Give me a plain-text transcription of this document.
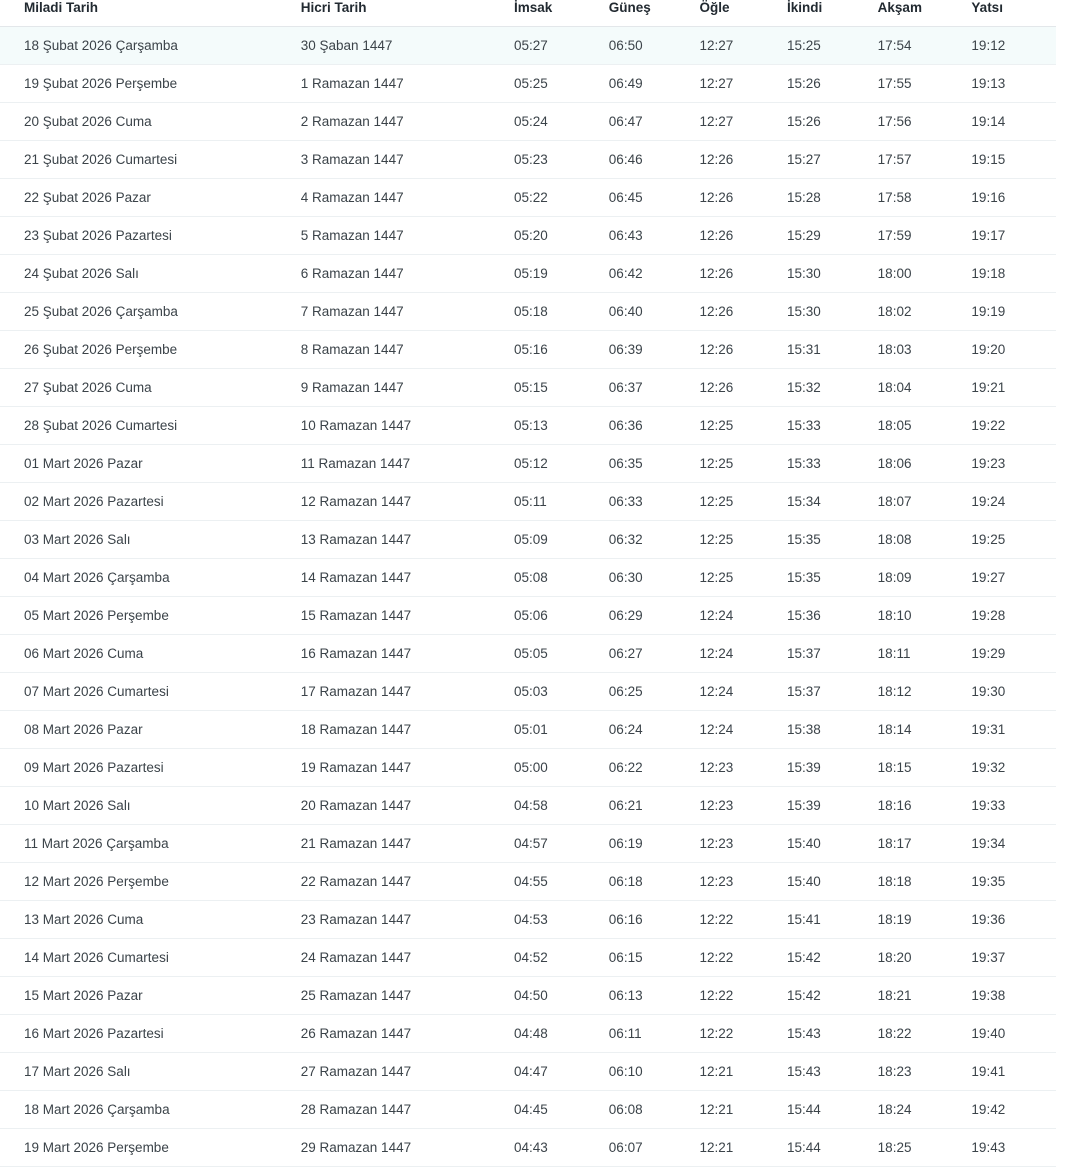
Miladi Tarih	Hicri Tarih	İmsak	Güneş	Öğle	İkindi	Akşam	Yatsı
18 Şubat 2026 Çarşamba	30 Şaban 1447	05:27	06:50	12:27	15:25	17:54	19:12
19 Şubat 2026 Perşembe	1 Ramazan 1447	05:25	06:49	12:27	15:26	17:55	19:13
20 Şubat 2026 Cuma	2 Ramazan 1447	05:24	06:47	12:27	15:26	17:56	19:14
21 Şubat 2026 Cumartesi	3 Ramazan 1447	05:23	06:46	12:26	15:27	17:57	19:15
22 Şubat 2026 Pazar	4 Ramazan 1447	05:22	06:45	12:26	15:28	17:58	19:16
23 Şubat 2026 Pazartesi	5 Ramazan 1447	05:20	06:43	12:26	15:29	17:59	19:17
24 Şubat 2026 Salı	6 Ramazan 1447	05:19	06:42	12:26	15:30	18:00	19:18
25 Şubat 2026 Çarşamba	7 Ramazan 1447	05:18	06:40	12:26	15:30	18:02	19:19
26 Şubat 2026 Perşembe	8 Ramazan 1447	05:16	06:39	12:26	15:31	18:03	19:20
27 Şubat 2026 Cuma	9 Ramazan 1447	05:15	06:37	12:26	15:32	18:04	19:21
28 Şubat 2026 Cumartesi	10 Ramazan 1447	05:13	06:36	12:25	15:33	18:05	19:22
01 Mart 2026 Pazar	11 Ramazan 1447	05:12	06:35	12:25	15:33	18:06	19:23
02 Mart 2026 Pazartesi	12 Ramazan 1447	05:11	06:33	12:25	15:34	18:07	19:24
03 Mart 2026 Salı	13 Ramazan 1447	05:09	06:32	12:25	15:35	18:08	19:25
04 Mart 2026 Çarşamba	14 Ramazan 1447	05:08	06:30	12:25	15:35	18:09	19:27
05 Mart 2026 Perşembe	15 Ramazan 1447	05:06	06:29	12:24	15:36	18:10	19:28
06 Mart 2026 Cuma	16 Ramazan 1447	05:05	06:27	12:24	15:37	18:11	19:29
07 Mart 2026 Cumartesi	17 Ramazan 1447	05:03	06:25	12:24	15:37	18:12	19:30
08 Mart 2026 Pazar	18 Ramazan 1447	05:01	06:24	12:24	15:38	18:14	19:31
09 Mart 2026 Pazartesi	19 Ramazan 1447	05:00	06:22	12:23	15:39	18:15	19:32
10 Mart 2026 Salı	20 Ramazan 1447	04:58	06:21	12:23	15:39	18:16	19:33
11 Mart 2026 Çarşamba	21 Ramazan 1447	04:57	06:19	12:23	15:40	18:17	19:34
12 Mart 2026 Perşembe	22 Ramazan 1447	04:55	06:18	12:23	15:40	18:18	19:35
13 Mart 2026 Cuma	23 Ramazan 1447	04:53	06:16	12:22	15:41	18:19	19:36
14 Mart 2026 Cumartesi	24 Ramazan 1447	04:52	06:15	12:22	15:42	18:20	19:37
15 Mart 2026 Pazar	25 Ramazan 1447	04:50	06:13	12:22	15:42	18:21	19:38
16 Mart 2026 Pazartesi	26 Ramazan 1447	04:48	06:11	12:22	15:43	18:22	19:40
17 Mart 2026 Salı	27 Ramazan 1447	04:47	06:10	12:21	15:43	18:23	19:41
18 Mart 2026 Çarşamba	28 Ramazan 1447	04:45	06:08	12:21	15:44	18:24	19:42
19 Mart 2026 Perşembe	29 Ramazan 1447	04:43	06:07	12:21	15:44	18:25	19:43
